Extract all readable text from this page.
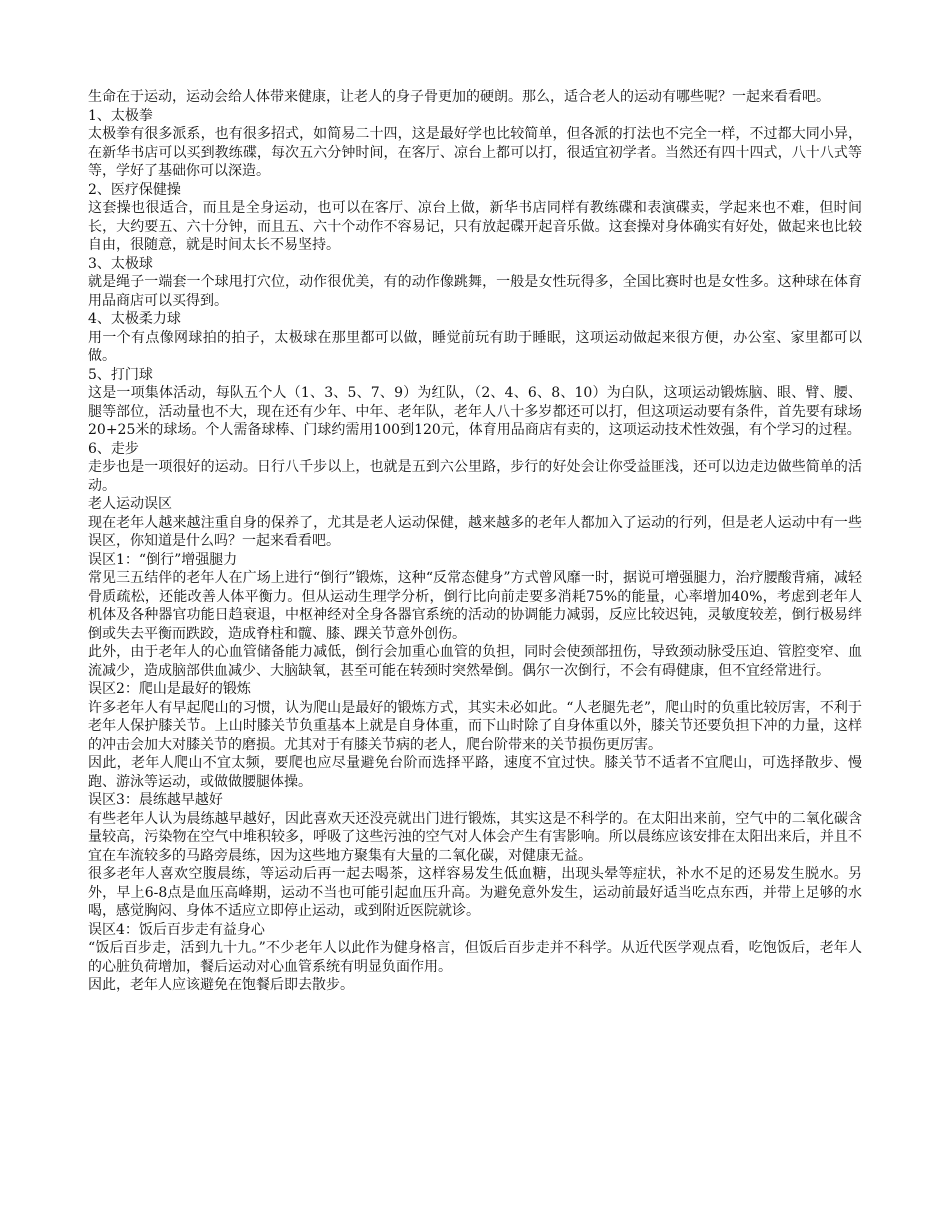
生命在于运动，运动会给人体带来健康，让老人的身子骨更加的硬朗。那么，适合老人的运动有哪些呢？一起来看看吧。

1、太极拳

太极拳有很多派系，也有很多招式，如简易二十四，这是最好学也比较简单，但各派的打法也不完全一样，不过都大同小异，在新华书店可以买到教练碟，每次五六分钟时间，在客厅、凉台上都可以打，很适宜初学者。当然还有四十四式，八十八式等等，学好了基础你可以深造。

2、医疗保健操

这套操也很适合，而且是全身运动，也可以在客厅、凉台上做，新华书店同样有教练碟和表演碟卖，学起来也不难，但时间长，大约要五、六十分钟，而且五、六十个动作不容易记，只有放起碟开起音乐做。这套操对身体确实有好处，做起来也比较自由，很随意，就是时间太长不易坚持。

3、太极球

就是绳子一端套一个球甩打穴位，动作很优美，有的动作像跳舞，一般是女性玩得多，全国比赛时也是女性多。这种球在体育用品商店可以买得到。

4、太极柔力球

用一个有点像网球拍的拍子，太极球在那里都可以做，睡觉前玩有助于睡眠，这项运动做起来很方便，办公室、家里都可以做。

5、打门球

这是一项集体活动，每队五个人（1、3、5、7、9）为红队，（2、4、6、8、10）为白队，这项运动锻炼脑、眼、臂、腰、腿等部位，活动量也不大，现在还有少年、中年、老年队，老年人八十多岁都还可以打，但这项运动要有条件，首先要有球场20+25米的球场。个人需备球棒、门球约需用100到120元，体育用品商店有卖的，这项运动技术性效强，有个学习的过程。

6、走步

走步也是一项很好的运动。日行八千步以上，也就是五到六公里路，步行的好处会让你受益匪浅，还可以边走边做些简单的活动。

老人运动误区

现在老年人越来越注重自身的保养了，尤其是老人运动保健，越来越多的老年人都加入了运动的行列，但是老人运动中有一些误区，你知道是什么吗？一起来看看吧。

误区1：“倒行”增强腿力

常见三五结伴的老年人在广场上进行“倒行”锻炼，这种“反常态健身”方式曾风靡一时，据说可增强腿力，治疗腰酸背痛，减轻骨质疏松，还能改善人体平衡力。但从运动生理学分析，倒行比向前走要多消耗75%的能量，心率增加40%，考虑到老年人机体及各种器官功能日趋衰退，中枢神经对全身各器官系统的活动的协调能力减弱，反应比较迟钝，灵敏度较差，倒行极易绊倒或失去平衡而跌跤，造成脊柱和髋、膝、踝关节意外创伤。

此外，由于老年人的心血管储备能力减低，倒行会加重心血管的负担，同时会使颈部扭伤，导致颈动脉受压迫、管腔变窄、血流减少，造成脑部供血减少、大脑缺氧，甚至可能在转颈时突然晕倒。偶尔一次倒行，不会有碍健康，但不宜经常进行。

误区2：爬山是最好的锻炼

许多老年人有早起爬山的习惯，认为爬山是最好的锻炼方式，其实未必如此。“人老腿先老”，爬山时的负重比较厉害，不利于老年人保护膝关节。上山时膝关节负重基本上就是自身体重，而下山时除了自身体重以外，膝关节还要负担下冲的力量，这样的冲击会加大对膝关节的磨损。尤其对于有膝关节病的老人，爬台阶带来的关节损伤更厉害。

因此，老年人爬山不宜太频，要爬也应尽量避免台阶而选择平路，速度不宜过快。膝关节不适者不宜爬山，可选择散步、慢跑、游泳等运动，或做做腰腿体操。

误区3：晨练越早越好

有些老年人认为晨练越早越好，因此喜欢天还没亮就出门进行锻炼，其实这是不科学的。在太阳出来前，空气中的二氧化碳含量较高，污染物在空气中堆积较多，呼吸了这些污浊的空气对人体会产生有害影响。所以晨练应该安排在太阳出来后，并且不宜在车流较多的马路旁晨练，因为这些地方聚集有大量的二氧化碳，对健康无益。

很多老年人喜欢空腹晨练，等运动后再一起去喝茶，这样容易发生低血糖，出现头晕等症状，补水不足的还易发生脱水。另外，早上6-8点是血压高峰期，运动不当也可能引起血压升高。为避免意外发生，运动前最好适当吃点东西，并带上足够的水喝，感觉胸闷、身体不适应立即停止运动，或到附近医院就诊。

误区4：饭后百步走有益身心

“饭后百步走，活到九十九。”不少老年人以此作为健身格言，但饭后百步走并不科学。从近代医学观点看，吃饱饭后，老年人的心脏负荷增加，餐后运动对心血管系统有明显负面作用。

因此，老年人应该避免在饱餐后即去散步。
